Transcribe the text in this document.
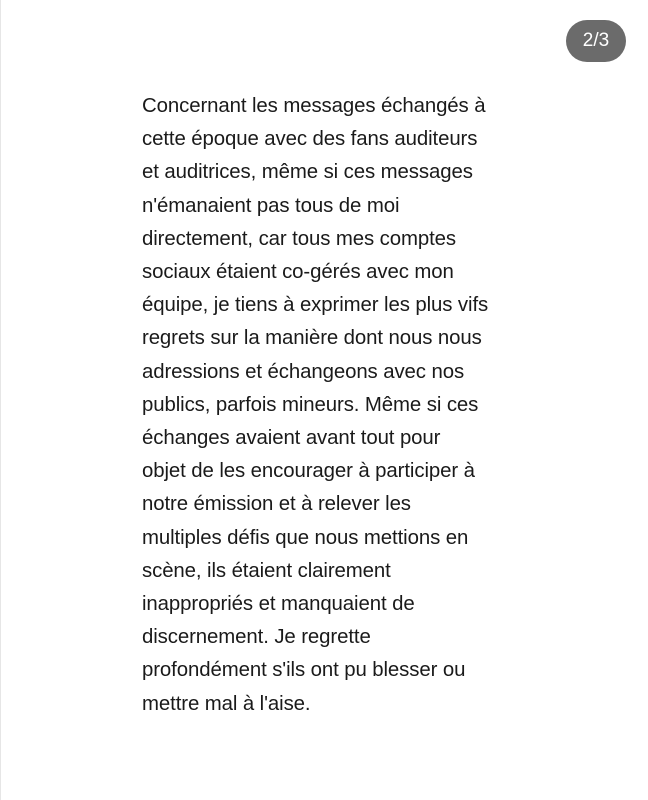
2/3

Concernant les messages échangés à
cette époque avec des fans auditeurs
et auditrices, même si ces messages
n'émanaient pas tous de moi
directement, car tous mes comptes
sociaux étaient co-gérés avec mon
équipe, je tiens à exprimer les plus vifs
regrets sur la manière dont nous nous
adressions et échangeons avec nos
publics, parfois mineurs. Même si ces
échanges avaient avant tout pour
objet de les encourager à participer à
notre émission et à relever les
multiples défis que nous mettions en
scène, ils étaient clairement
inappropriés et manquaient de
discernement. Je regrette
profondément s'ils ont pu blesser ou
mettre mal à l'aise.
